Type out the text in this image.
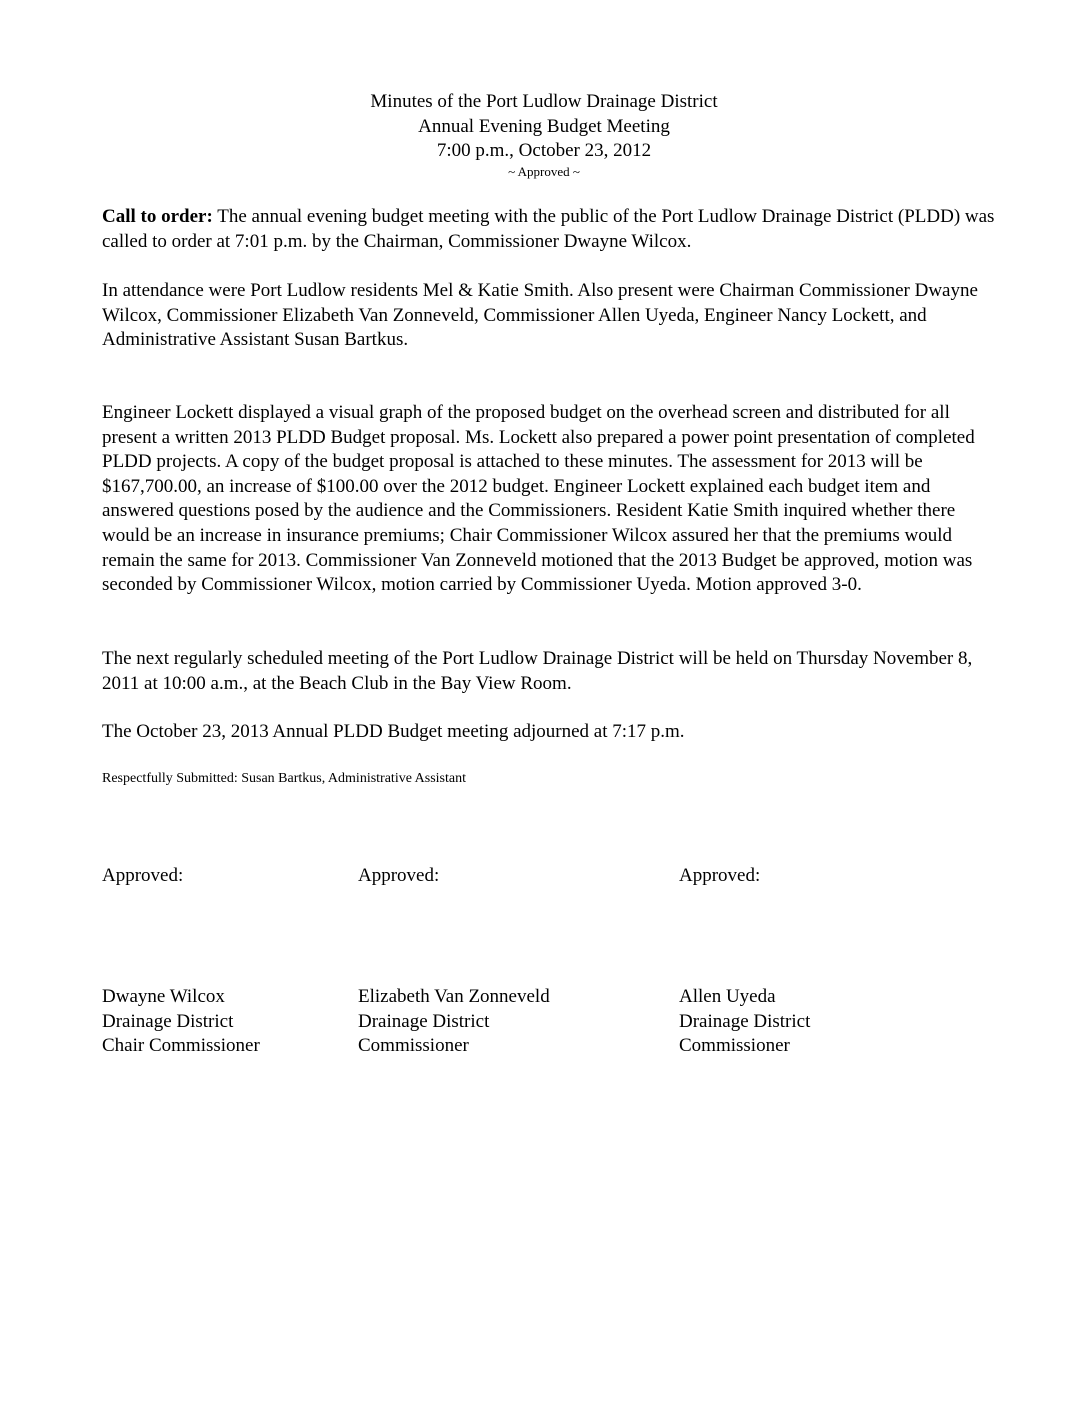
Minutes of the Port Ludlow Drainage District
Annual Evening Budget Meeting
7:00 p.m., October 23, 2012
~ Approved ~

Call to order: The annual evening budget meeting with the public of the Port Ludlow Drainage District (PLDD) was called to order at 7:01 p.m. by the Chairman, Commissioner Dwayne Wilcox.

In attendance were Port Ludlow residents Mel & Katie Smith. Also present were Chairman Commissioner Dwayne Wilcox, Commissioner Elizabeth Van Zonneveld, Commissioner Allen Uyeda, Engineer Nancy Lockett, and Administrative Assistant Susan Bartkus.

Engineer Lockett displayed a visual graph of the proposed budget on the overhead screen and distributed for all present a written 2013 PLDD Budget proposal. Ms. Lockett also prepared a power point presentation of completed PLDD projects. A copy of the budget proposal is attached to these minutes. The assessment for 2013 will be $167,700.00, an increase of $100.00 over the 2012 budget. Engineer Lockett explained each budget item and answered questions posed by the audience and the Commissioners. Resident Katie Smith inquired whether there would be an increase in insurance premiums; Chair Commissioner Wilcox assured her that the premiums would remain the same for 2013. Commissioner Van Zonneveld motioned that the 2013 Budget be approved, motion was seconded by Commissioner Wilcox, motion carried by Commissioner Uyeda. Motion approved 3-0.

The next regularly scheduled meeting of the Port Ludlow Drainage District will be held on Thursday November 8, 2011 at 10:00 a.m., at the Beach Club in the Bay View Room.

The October 23, 2013 Annual PLDD Budget meeting adjourned at 7:17 p.m.

Respectfully Submitted: Susan Bartkus, Administrative Assistant
Approved:
Dwayne Wilcox
Drainage District
Chair Commissioner
Approved:
Elizabeth Van Zonneveld
Drainage District
Commissioner
Approved:
Allen Uyeda
Drainage District
Commissioner
